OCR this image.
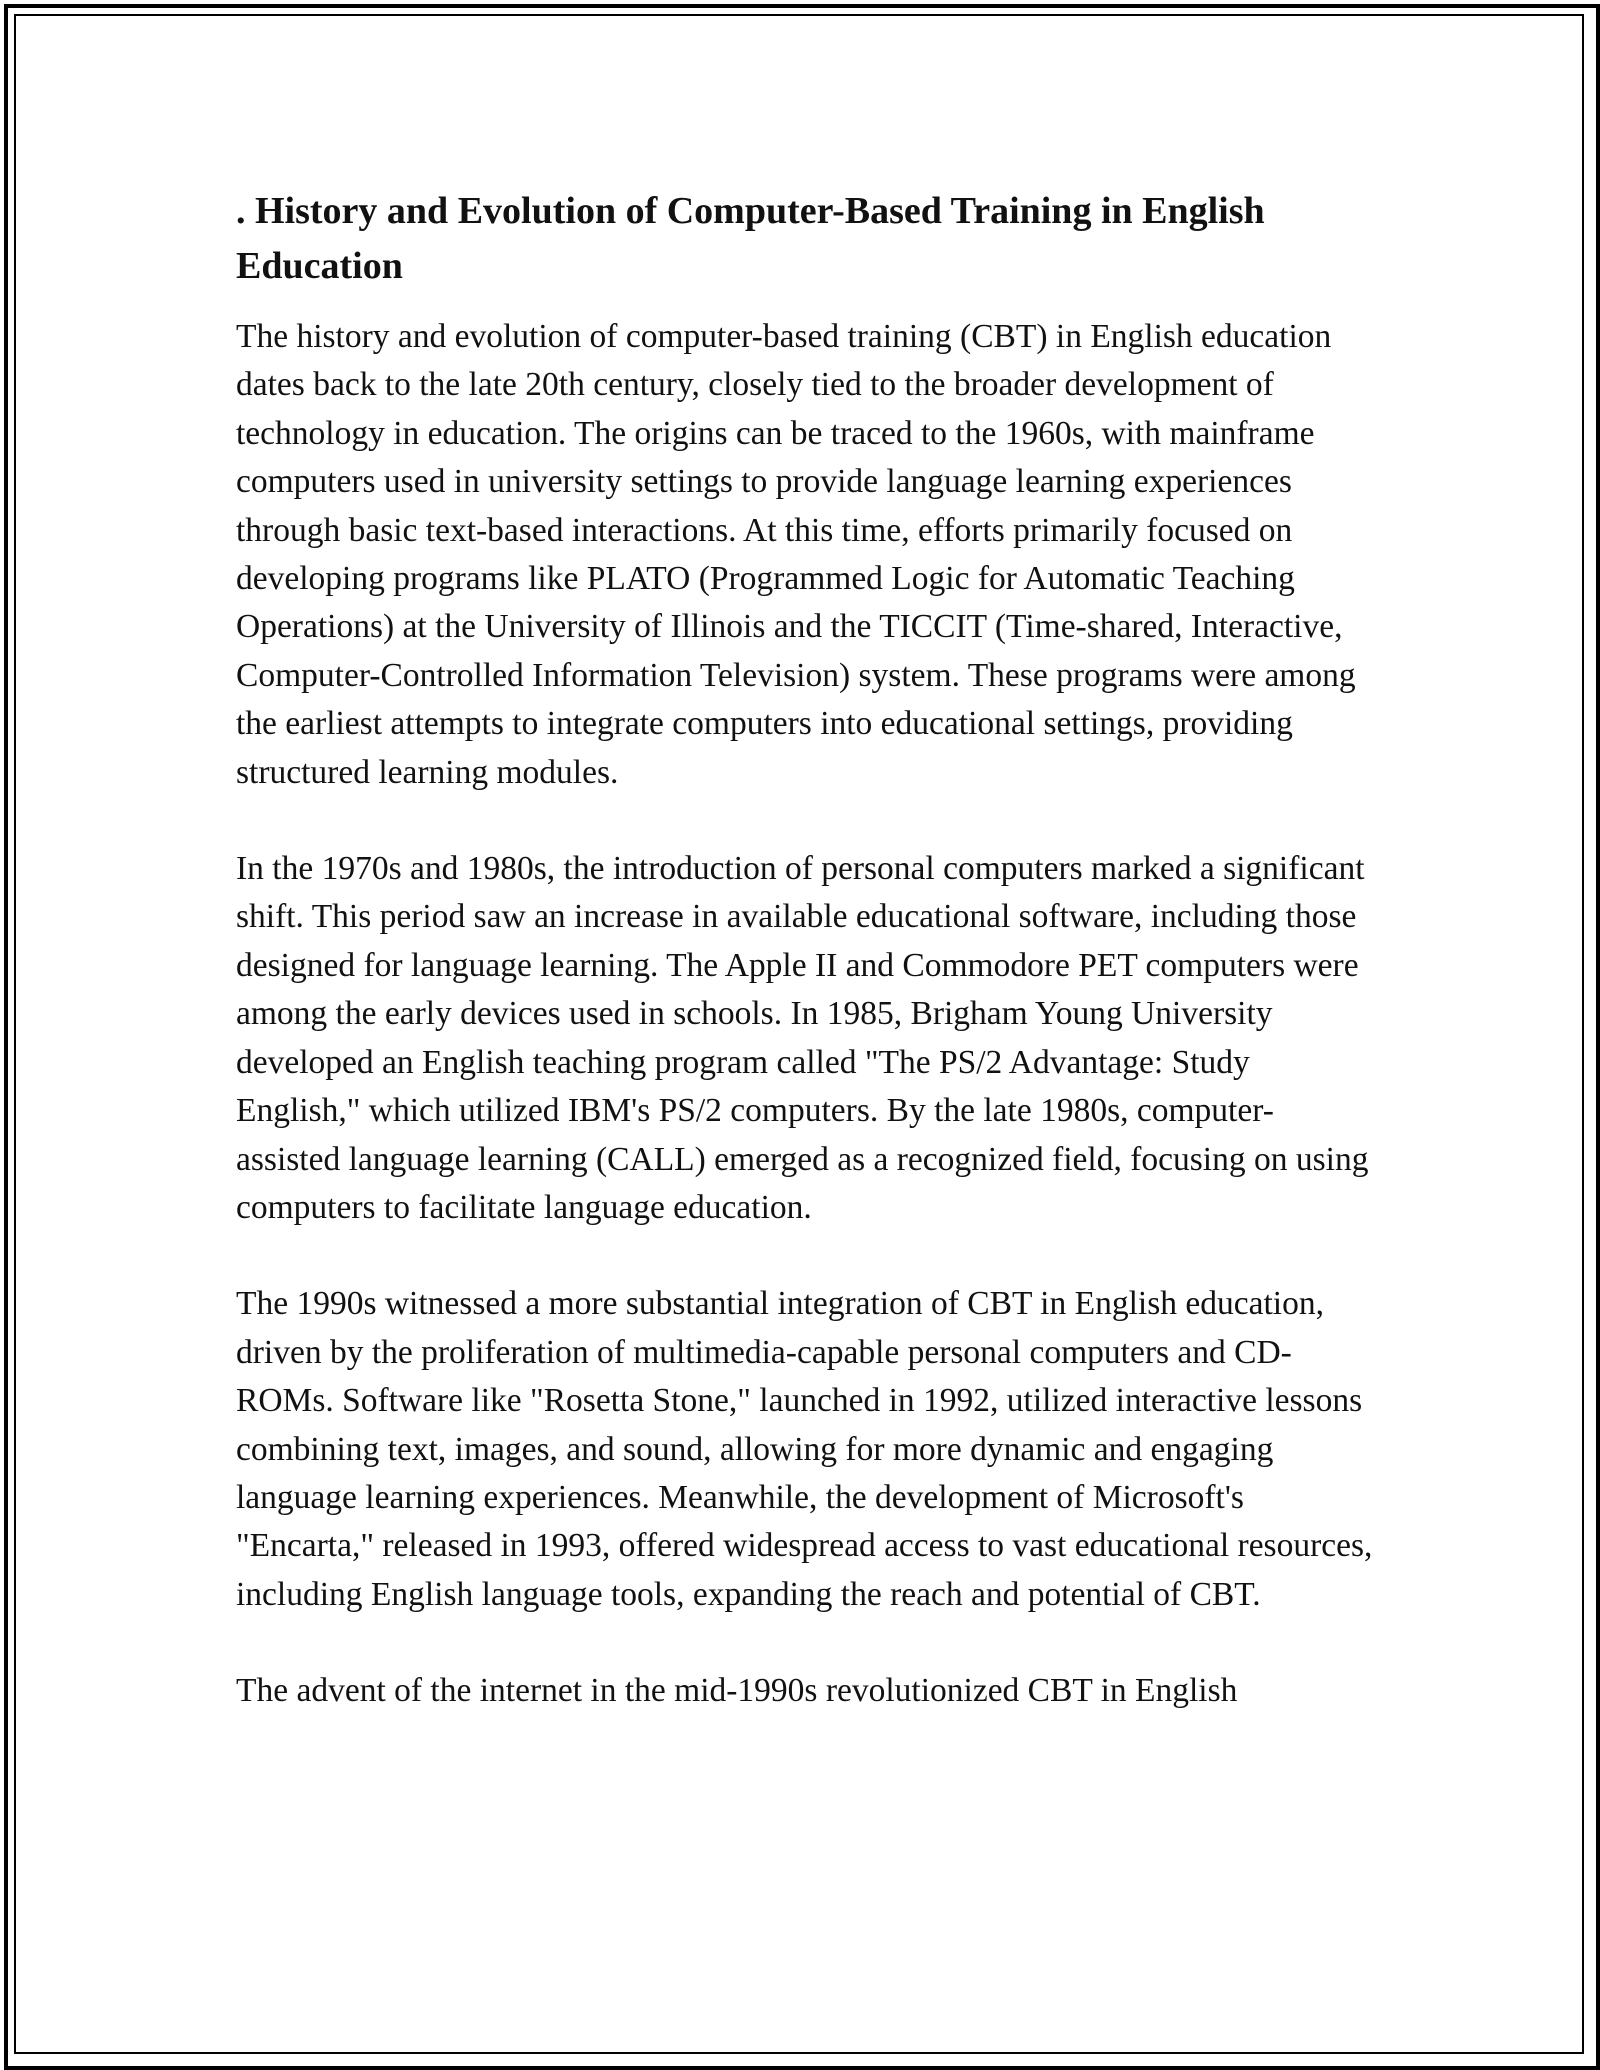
. History and Evolution of Computer-Based Training in English Education

The history and evolution of computer-based training (CBT) in English education dates back to the late 20th century, closely tied to the broader development of technology in education. The origins can be traced to the 1960s, with mainframe computers used in university settings to provide language learning experiences through basic text-based interactions. At this time, efforts primarily focused on developing programs like PLATO (Programmed Logic for Automatic Teaching Operations) at the University of Illinois and the TICCIT (Time-shared, Interactive, Computer-Controlled Information Television) system. These programs were among the earliest attempts to integrate computers into educational settings, providing structured learning modules.

In the 1970s and 1980s, the introduction of personal computers marked a significant shift. This period saw an increase in available educational software, including those designed for language learning. The Apple II and Commodore PET computers were among the early devices used in schools. In 1985, Brigham Young University developed an English teaching program called "The PS/2 Advantage: Study English," which utilized IBM's PS/2 computers. By the late 1980s, computer-assisted language learning (CALL) emerged as a recognized field, focusing on using computers to facilitate language education.

The 1990s witnessed a more substantial integration of CBT in English education, driven by the proliferation of multimedia-capable personal computers and CD-ROMs. Software like "Rosetta Stone," launched in 1992, utilized interactive lessons combining text, images, and sound, allowing for more dynamic and engaging language learning experiences. Meanwhile, the development of Microsoft's "Encarta," released in 1993, offered widespread access to vast educational resources, including English language tools, expanding the reach and potential of CBT.

The advent of the internet in the mid-1990s revolutionized CBT in English
